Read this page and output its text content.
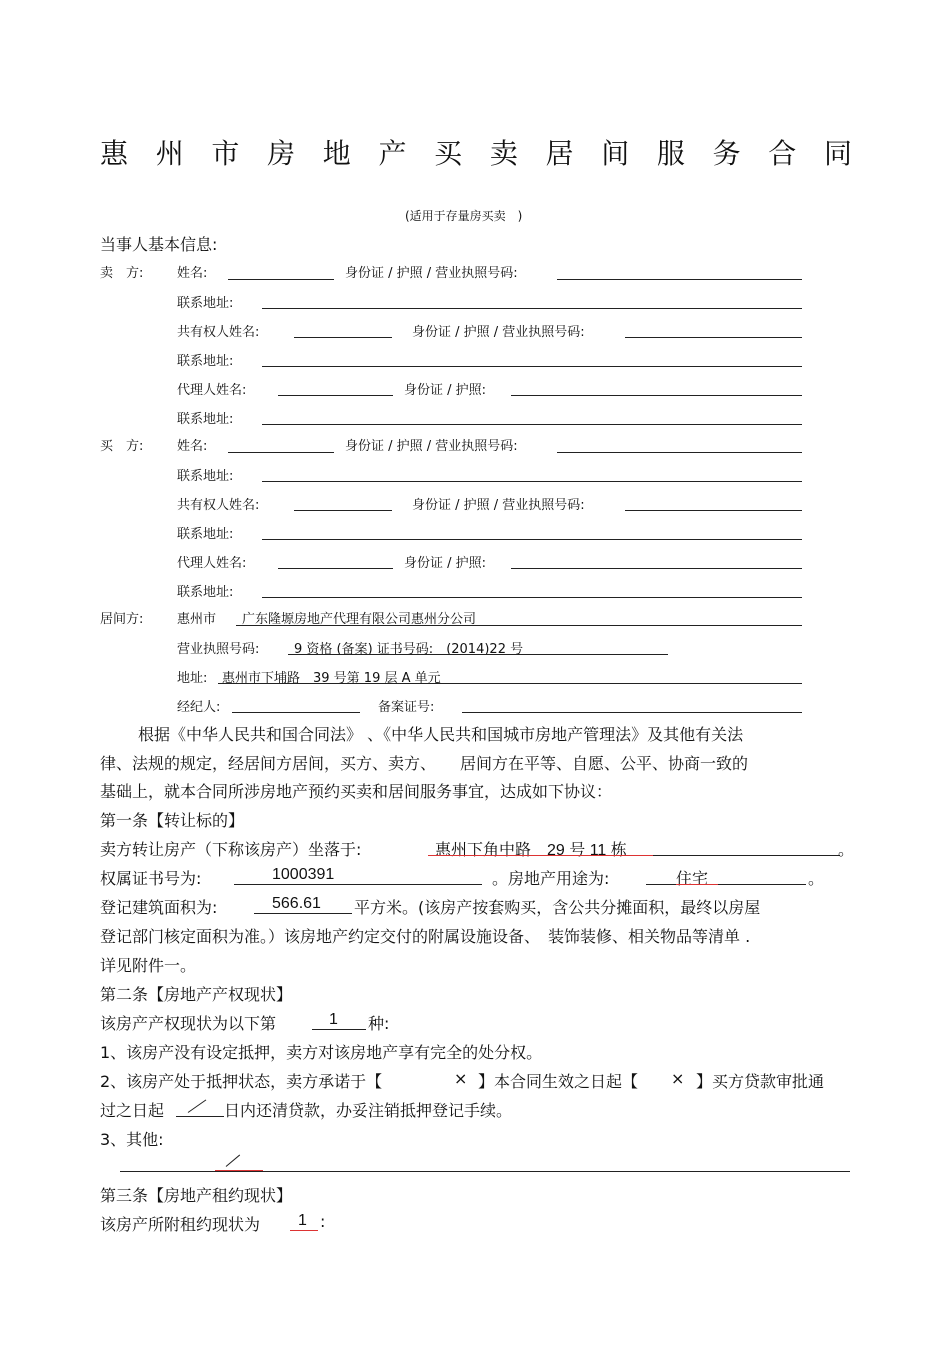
惠 州 市 房 地 产 买 卖 居 间 服 务 合 同
(适用于存量房买卖　)
当事人基本信息:
卖　方:	姓名:	身份证 / 护照 / 营业执照号码:
联系地址:
共有权人姓名:	身份证 / 护照 / 营业执照号码:
联系地址:
代理人姓名:	身份证 / 护照:
联系地址:
买　方:	姓名:	身份证 / 护照 / 营业执照号码:
联系地址:
共有权人姓名:	身份证 / 护照 / 营业执照号码:
联系地址:
代理人姓名:	身份证 / 护照:
联系地址:
居间方:	惠州市 广东隆塬房地产代理有限公司惠州分公司
营业执照号码:	9 资格 (备案) 证书号码:　(2014)22 号
地址: 惠州市下埔路　39 号第 19 层 A 单元
经纪人:	备案证号:
根据《中华人民共和国合同法》 、《中华人民共和国城市房地产管理法》及其他有关法
律、法规的规定，经居间方居间，买方、卖方、　　居间方在平等、自愿、公平、协商一致的
基础上，就本合同所涉房地产预约买卖和居间服务事宜，达成如下协议：
第一条【转让标的】
卖方转让房产（下称该房产）坐落于:	惠州下角中路　29 号 11 栋	。
权属证书号为:	1000391	。房地产用途为:	住宅	。
登记建筑面积为:	566.61 平方米。(该房产按套购买，含公共分摊面积，最终以房屋
登记部门核定面积为准。）该房地产约定交付的附属设施设备、　装饰装修、相关物品等清单 .
详见附件一。
第二条【房地产产权现状】
该房产产权现状为以下第	1 种:
1、该房产没有设定抵押，卖方对该房地产享有完全的处分权。
2、该房产处于抵押状态，卖方承诺于【	× 】本合同生效之日起【 × 】买方贷款审批通
过之日起	日内还清贷款，办妥注销抵押登记手续。
3、其他:
第三条【房地产租约现状】
该房产所附租约现状为 1 :
